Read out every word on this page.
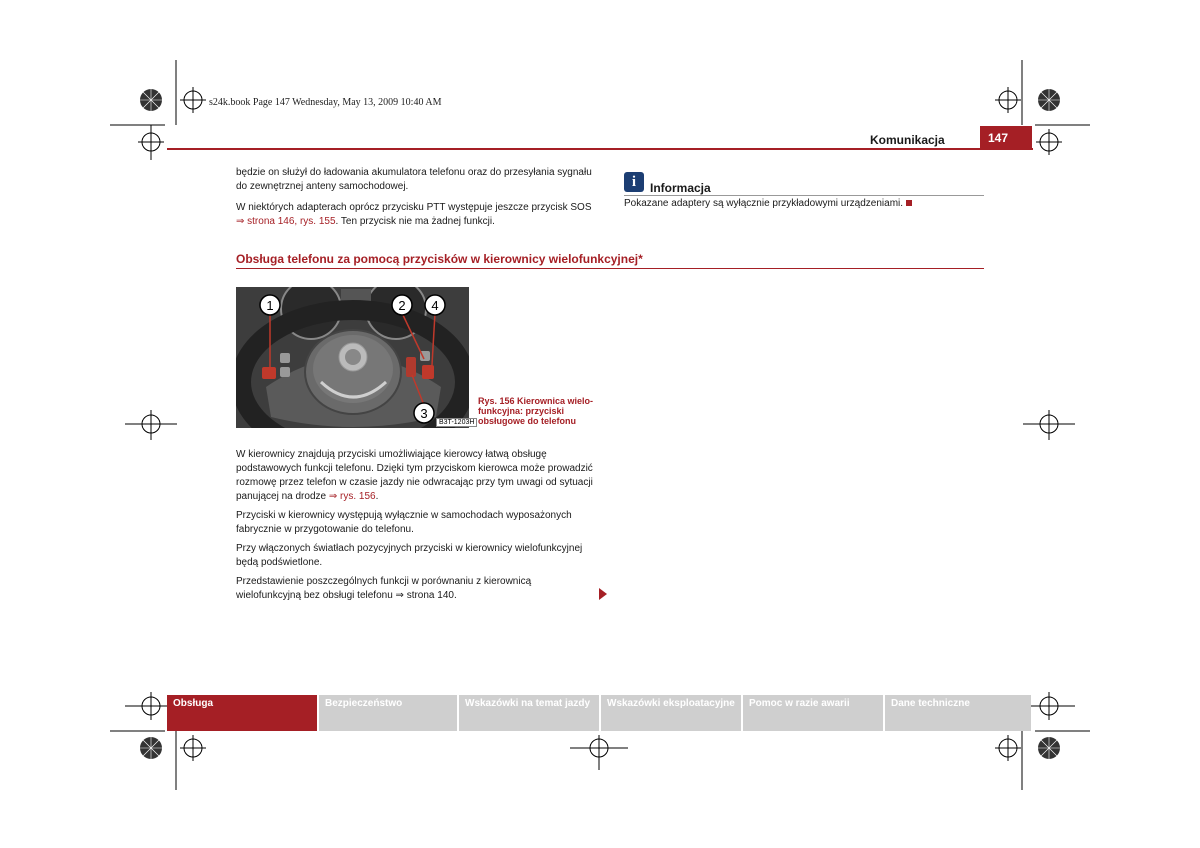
s24k.book Page 147 Wednesday, May 13, 2009 10:40 AM
Komunikacja	147
będzie on służył do ładowania akumulatora telefonu oraz do przesyłania sygnału do zewnętrznej anteny samochodowej.
W niektórych adapterach oprócz przycisku PTT występuje jeszcze przycisk SOS ⇒ strona 146, rys. 155. Ten przycisk nie ma żadnej funkcji.
i	Informacja
Pokazane adaptery są wyłącznie przykładowymi urządzeniami.
Obsługa telefonu za pomocą przycisków w kierownicy wielofunkcyjnej*
1	2 4
3
B3T-1203H
Rys. 156 Kierownica wielo-
funkcyjna: przyciski
obsługowe do telefonu
W kierownicy znajdują przyciski umożliwiające kierowcy łatwą obsługę podstawowych funkcji telefonu. Dzięki tym przyciskom kierowca może prowadzić rozmowę przez telefon w czasie jazdy nie odwracając przy tym uwagi od sytuacji panującej na drodze ⇒ rys. 156.
Przyciski w kierownicy występują wyłącznie w samochodach wyposażonych fabrycznie w przygotowanie do telefonu.
Przy włączonych światłach pozycyjnych przyciski w kierownicy wielofunkcyjnej będą podświetlone.
Przedstawienie poszczególnych funkcji w porównaniu z kierownicą wielofunkcyjną bez obsługi telefonu ⇒ strona 140.
Obsługa	Bezpieczeństwo	Wskazówki na temat jazdy	Wskazówki eksploatacyjne	Pomoc w razie awarii	Dane techniczne
